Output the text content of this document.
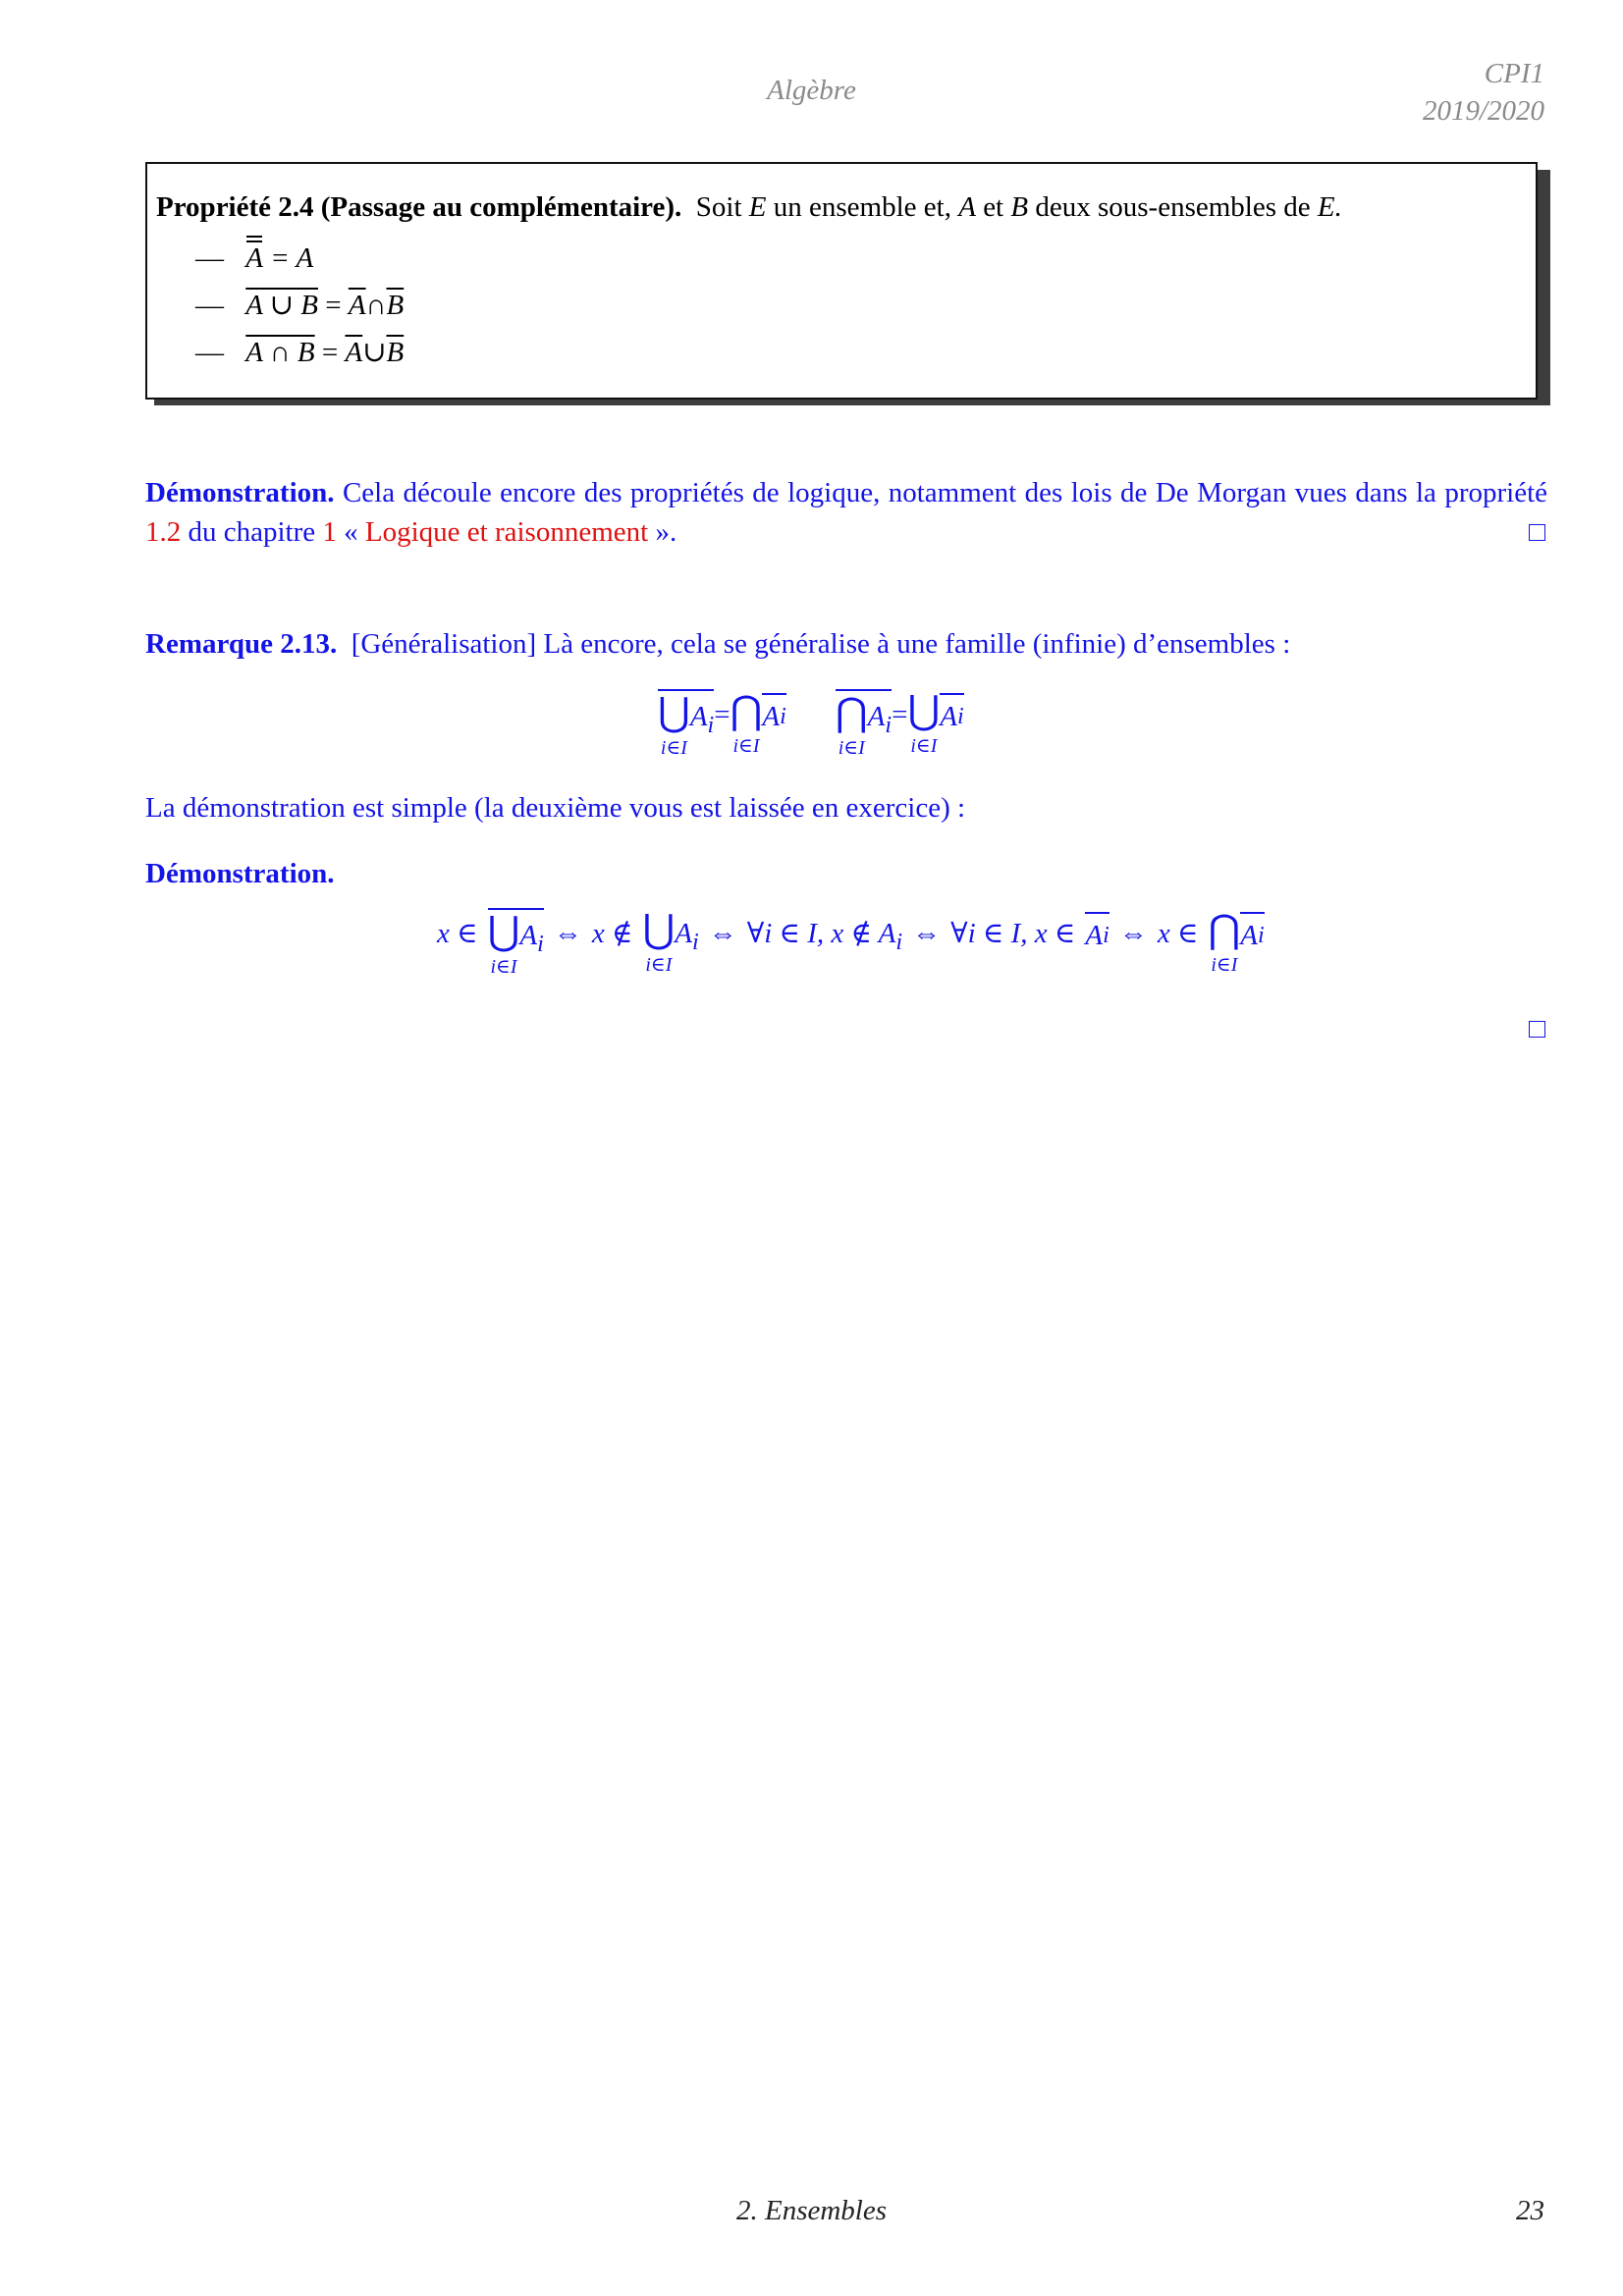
Algèbre
CPI1
2019/2020
Propriété 2.4 (Passage au complémentaire). Soit E un ensemble et, A et B deux sous-ensembles de E.
— A = A
— A ∪ $B = \overline{A}\cap\overline{B}$
— A ∩ $B = \overline{A}\cup\overline{B}$
Démonstration. Cela découle encore des propriétés de logique, notamment des lois de De Morgan vues dans la propriété 1.2 du chapitre 1 « Logique et raisonnement ».
Remarque 2.13. [Généralisation] Là encore, cela se généralise à une famille (infinie) d’ensembles :
⋃
i∈I
$A_i$ = ⋂
i∈I
A i ⋂
i∈I
$A_i$ = ⋃
i∈I
A i
La démonstration est simple (la deuxième vous est laissée en exercice) :
Démonstration.
x ∈ ⋃
i∈I
$A_i$ ⇔ x ∉ ⋃
i∈I
$A_i$ ⇔ ∀i ∈ I, x ∉ $A_i$ ⇔ ∀i ∈ I, x ∈ A i ⇔ x ∈ ⋂
i∈I
A i
2. Ensembles	23
